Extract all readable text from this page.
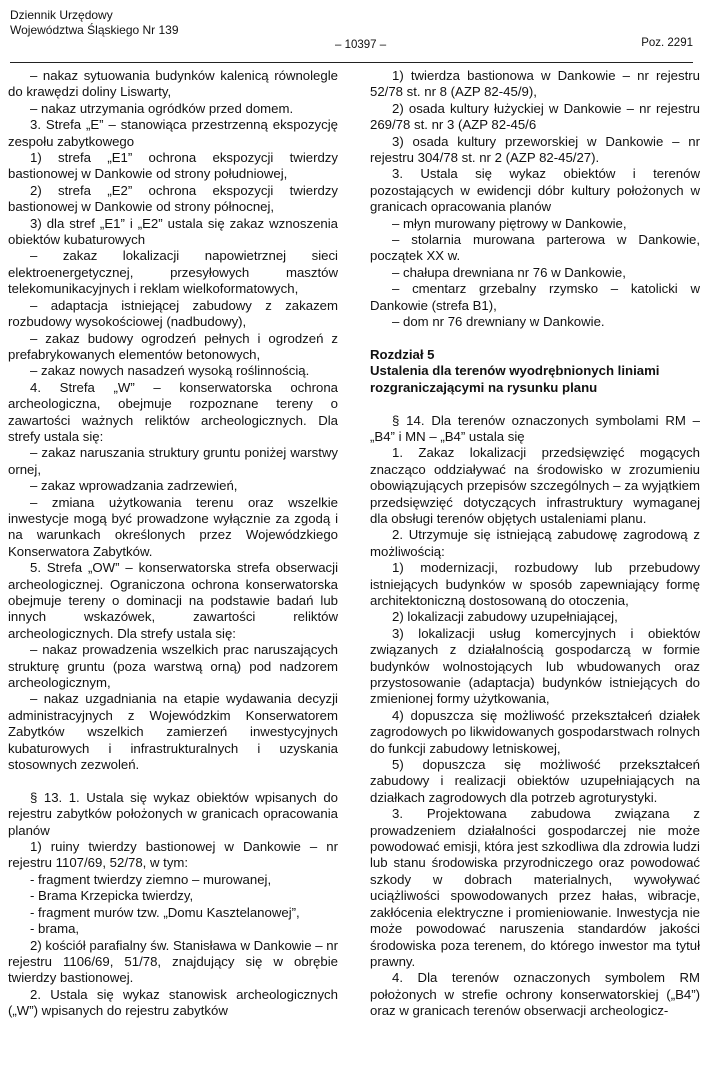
Dziennik Urzędowy
Województwa Śląskiego Nr 139
– 10397 –	Poz. 2291

– nakaz sytuowania budynków kalenicą równolegle do krawędzi doliny Liswarty,

– nakaz utrzymania ogródków przed domem.

3. Strefa „E” – stanowiąca przestrzenną ekspozycję zespołu zabytkowego

1) strefa „E1” ochrona ekspozycji twierdzy bastionowej w Dankowie od strony południowej,

2) strefa „E2” ochrona ekspozycji twierdzy bastionowej w Dankowie od strony północnej,

3) dla stref „E1” i „E2” ustala się zakaz wznoszenia obiektów kubaturowych

– zakaz lokalizacji napowietrznej sieci elektroenergetycznej, przesyłowych masztów telekomunikacyjnych i reklam wielkoformatowych,

– adaptacja istniejącej zabudowy z zakazem rozbudowy wysokościowej (nadbudowy),

– zakaz budowy ogrodzeń pełnych i ogrodzeń z prefabrykowanych elementów betonowych,

– zakaz nowych nasadzeń wysoką roślinnością.

4. Strefa „W” – konserwatorska ochrona archeologiczna, obejmuje rozpoznane tereny o zawartości ważnych reliktów archeologicznych. Dla strefy ustala się:

– zakaz naruszania struktury gruntu poniżej warstwy ornej,

– zakaz wprowadzania zadrzewień,

– zmiana użytkowania terenu oraz wszelkie inwestycje mogą być prowadzone wyłącznie za zgodą i na warunkach określonych przez Wojewódzkiego Konserwatora Zabytków.

5. Strefa „OW” – konserwatorska strefa obserwacji archeologicznej. Ograniczona ochrona konserwatorska obejmuje tereny o dominacji na podstawie badań lub innych wskazówek, zawartości reliktów archeologicznych. Dla strefy ustala się:

– nakaz prowadzenia wszelkich prac naruszających strukturę gruntu (poza warstwą orną) pod nadzorem archeologicznym,

– nakaz uzgadniania na etapie wydawania decyzji administracyjnych z Wojewódzkim Konserwatorem Zabytków wszelkich zamierzeń inwestycyjnych kubaturowych i infrastrukturalnych i uzyskania stosownych zezwoleń.

§ 13. 1. Ustala się wykaz obiektów wpisanych do rejestru zabytków położonych w granicach opracowania planów

1) ruiny twierdzy bastionowej w Dankowie – nr rejestru 1107/69, 52/78, w tym:

- fragment twierdzy ziemno – murowanej,

- Brama Krzepicka twierdzy,

- fragment murów tzw. „Domu Kasztelanowej”,

- brama,

2) kościół parafialny św. Stanisława w Dankowie – nr rejestru 1106/69, 51/78, znajdujący się w obrębie twierdzy bastionowej.

2. Ustala się wykaz stanowisk archeologicznych („W”) wpisanych do rejestru zabytków

1) twierdza bastionowa w Dankowie – nr rejestru 52/78 st. nr 8 (AZP 82-45/9),

2) osada kultury łużyckiej w Dankowie – nr rejestru 269/78 st. nr 3 (AZP 82-45/6

3) osada kultury przeworskiej w Dankowie – nr rejestru 304/78 st. nr 2 (AZP 82-45/27).

3. Ustala się wykaz obiektów i terenów pozostających w ewidencji dóbr kultury położonych w granicach opracowania planów

– młyn murowany piętrowy w Dankowie,

– stolarnia murowana parterowa w Dankowie, początek XX w.

– chałupa drewniana nr 76 w Dankowie,

– cmentarz grzebalny rzymsko – katolicki w Dankowie (strefa B1),

– dom nr 76 drewniany w Dankowie.

Rozdział 5
Ustalenia dla terenów wyodrębnionych liniami rozgraniczającymi na rysunku planu

§ 14. Dla terenów oznaczonych symbolami RM – „B4” i MN – „B4” ustala się

1. Zakaz lokalizacji przedsięwzięć mogących znacząco oddziaływać na środowisko w zrozumieniu obowiązujących przepisów szczególnych – za wyjątkiem przedsięwzięć dotyczących infrastruktury wymaganej dla obsługi terenów objętych ustaleniami planu.

2. Utrzymuje się istniejącą zabudowę zagrodową z możliwością:

1) modernizacji, rozbudowy lub przebudowy istniejących budynków w sposób zapewniający formę architektoniczną dostosowaną do otoczenia,

2) lokalizacji zabudowy uzupełniającej,

3) lokalizacji usług komercyjnych i obiektów związanych z działalnością gospodarczą w formie budynków wolnostojących lub wbudowanych oraz przystosowanie (adaptacja) budynków istniejących do zmienionej formy użytkowania,

4) dopuszcza się możliwość przekształceń działek zagrodowych po likwidowanych gospodarstwach rolnych do funkcji zabudowy letniskowej,

5) dopuszcza się możliwość przekształceń zabudowy i realizacji obiektów uzupełniających na działkach zagrodowych dla potrzeb agroturystyki.

3. Projektowana zabudowa związana z prowadzeniem działalności gospodarczej nie może powodować emisji, która jest szkodliwa dla zdrowia ludzi lub stanu środowiska przyrodniczego oraz powodować szkody w dobrach materialnych, wywoływać uciążliwości spowodowanych przez hałas, wibracje, zakłócenia elektryczne i promieniowanie. Inwestycja nie może powodować naruszenia standardów jakości środowiska poza terenem, do którego inwestor ma tytuł prawny.

4. Dla terenów oznaczonych symbolem RM położonych w strefie ochrony konserwatorskiej („B4”) oraz w granicach terenów obserwacji archeologicz-
